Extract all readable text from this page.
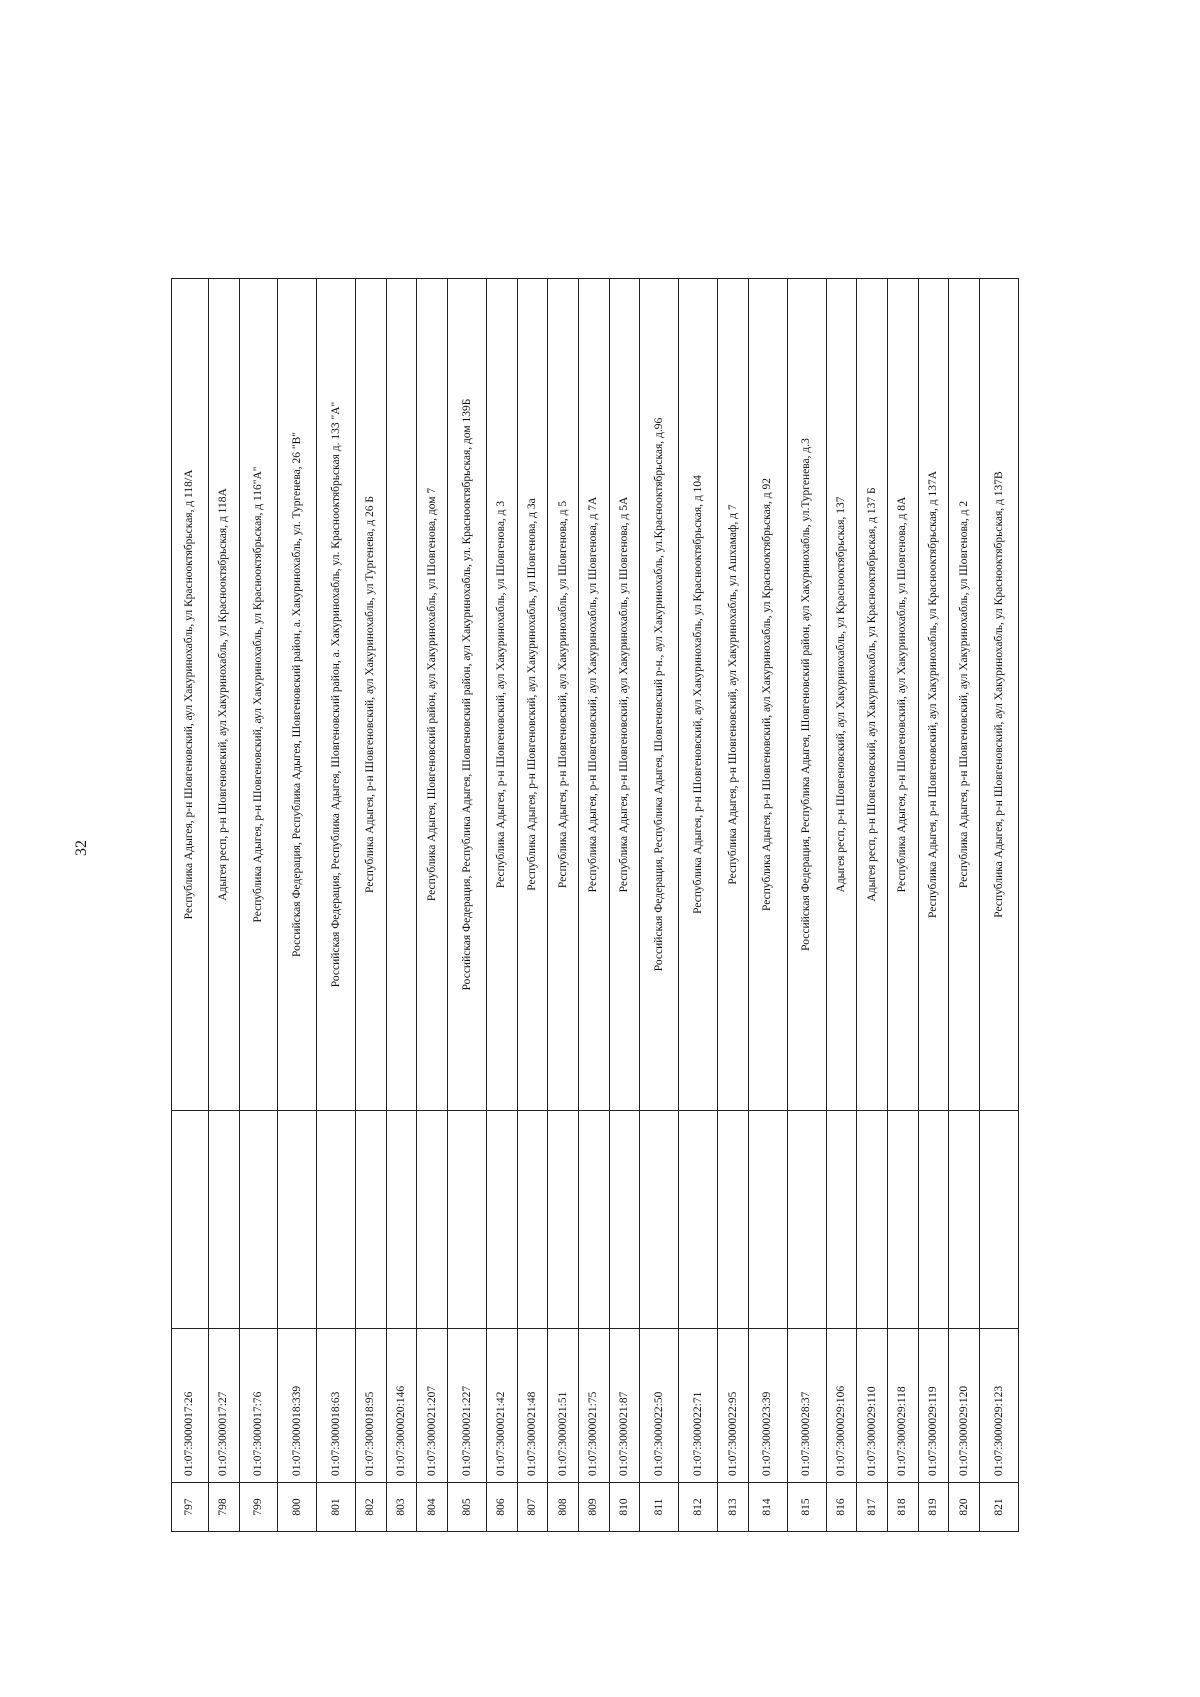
32
797	01:07:3000017:26		Республика Адыгея, р-н Шовгеновский, аул Хакуринохабль, ул Краснооктябрьская, д 118/А
798	01:07:3000017:27		Адыгея респ, р-н Шовгеновский, аул Хакуринохабль, ул Краснооктябрьская, д 118А
799	01:07:3000017:76		Республика Адыгея, р-н Шовгеновский, аул Хакуринохабль, ул Краснооктябрьская, д 116"А"
800	01:07:3000018:339		Российская Федерация, Республика Адыгея, Шовгеновский район, а. Хакуринохабль, ул. Тургенева, 26 "В"
801	01:07:3000018:63		Российская Федерация, Республика Адыгея, Шовгеновский район, а. Хакуринохабль, ул. Краснооктябрьская д. 133 "А"
802	01:07:3000018:95		Республика Адыгея, р-н Шовгеновский, аул Хакуринохабль, ул Тургенева, д 26 Б
803	01:07:3000020:146		
804	01:07:3000021:207		Республика Адыгея, Шовгеновский район, аул Хакуринохабль, ул Шовгенова, дом 7
805	01:07:3000021:227		Российская Федерация, Республика Адыгея, Шовгеновский район, аул Хакуринохабль, ул. Краснооктябрьская, дом 139Б
806	01:07:3000021:42		Республика Адыгея, р-н Шовгеновский, аул Хакуринохабль, ул Шовгенова, д 3
807	01:07:3000021:48		Республика Адыгея, р-н Шовгеновский, аул Хакуринохабль, ул Шовгенова, д 3а
808	01:07:3000021:51		Республика Адыгея, р-н Шовгеновский, аул Хакуринохабль, ул Шовгенова, д 5
809	01:07:3000021:75		Республика Адыгея, р-н Шовгеновский, аул Хакуринохабль, ул Шовгенова, д 7А
810	01:07:3000021:87		Республика Адыгея, р-н Шовгеновский, аул Хакуринохабль, ул Шовгенова, д 5А
811	01:07:3000022:50		Российская Федерация, Республика Адыгея, Шовгеновский р-н., аул Хакуринохабль, ул.Краснооктябрьская, д.96
812	01:07:3000022:71		Республика Адыгея, р-н Шовгеновский, аул Хакуринохабль, ул Краснооктябрьская, д 104
813	01:07:3000022:95		Республика Адыгея, р-н Шовгеновский, аул Хакуринохабль, ул Ашхамаф, д 7
814	01:07:3000023:39		Республика Адыгея, р-н Шовгеновский, аул Хакуринохабль, ул Краснооктябрьская, д 92
815	01:07:3000028:37		Российская Федерация, Республика Адыгея, Шовгеновский район, аул Хакуринохабль, ул.Тургенева, д.3
816	01:07:3000029:106		Адыгея респ, р-н Шовгеновский, аул Хакуринохабль, ул Краснооктябрьская, 137
817	01:07:3000029:110		Адыгея респ, р-н Шовгеновский, аул Хакуринохабль, ул Краснооктябрьская, д 137 Б
818	01:07:3000029:118		Республика Адыгея, р-н Шовгеновский, аул Хакуринохабль, ул Шовгенова, д 8А
819	01:07:3000029:119		Республика Адыгея, р-н Шовгеновский, аул Хакуринохабль, ул Краснооктябрьская, д 137А
820	01:07:3000029:120		Республика Адыгея, р-н Шовгеновский, аул Хакуринохабль, ул Шовгенова, д 2
821	01:07:3000029:123		Республика Адыгея, р-н Шовгеновский, аул Хакуринохабль, ул Краснооктябрьская, д 137В
